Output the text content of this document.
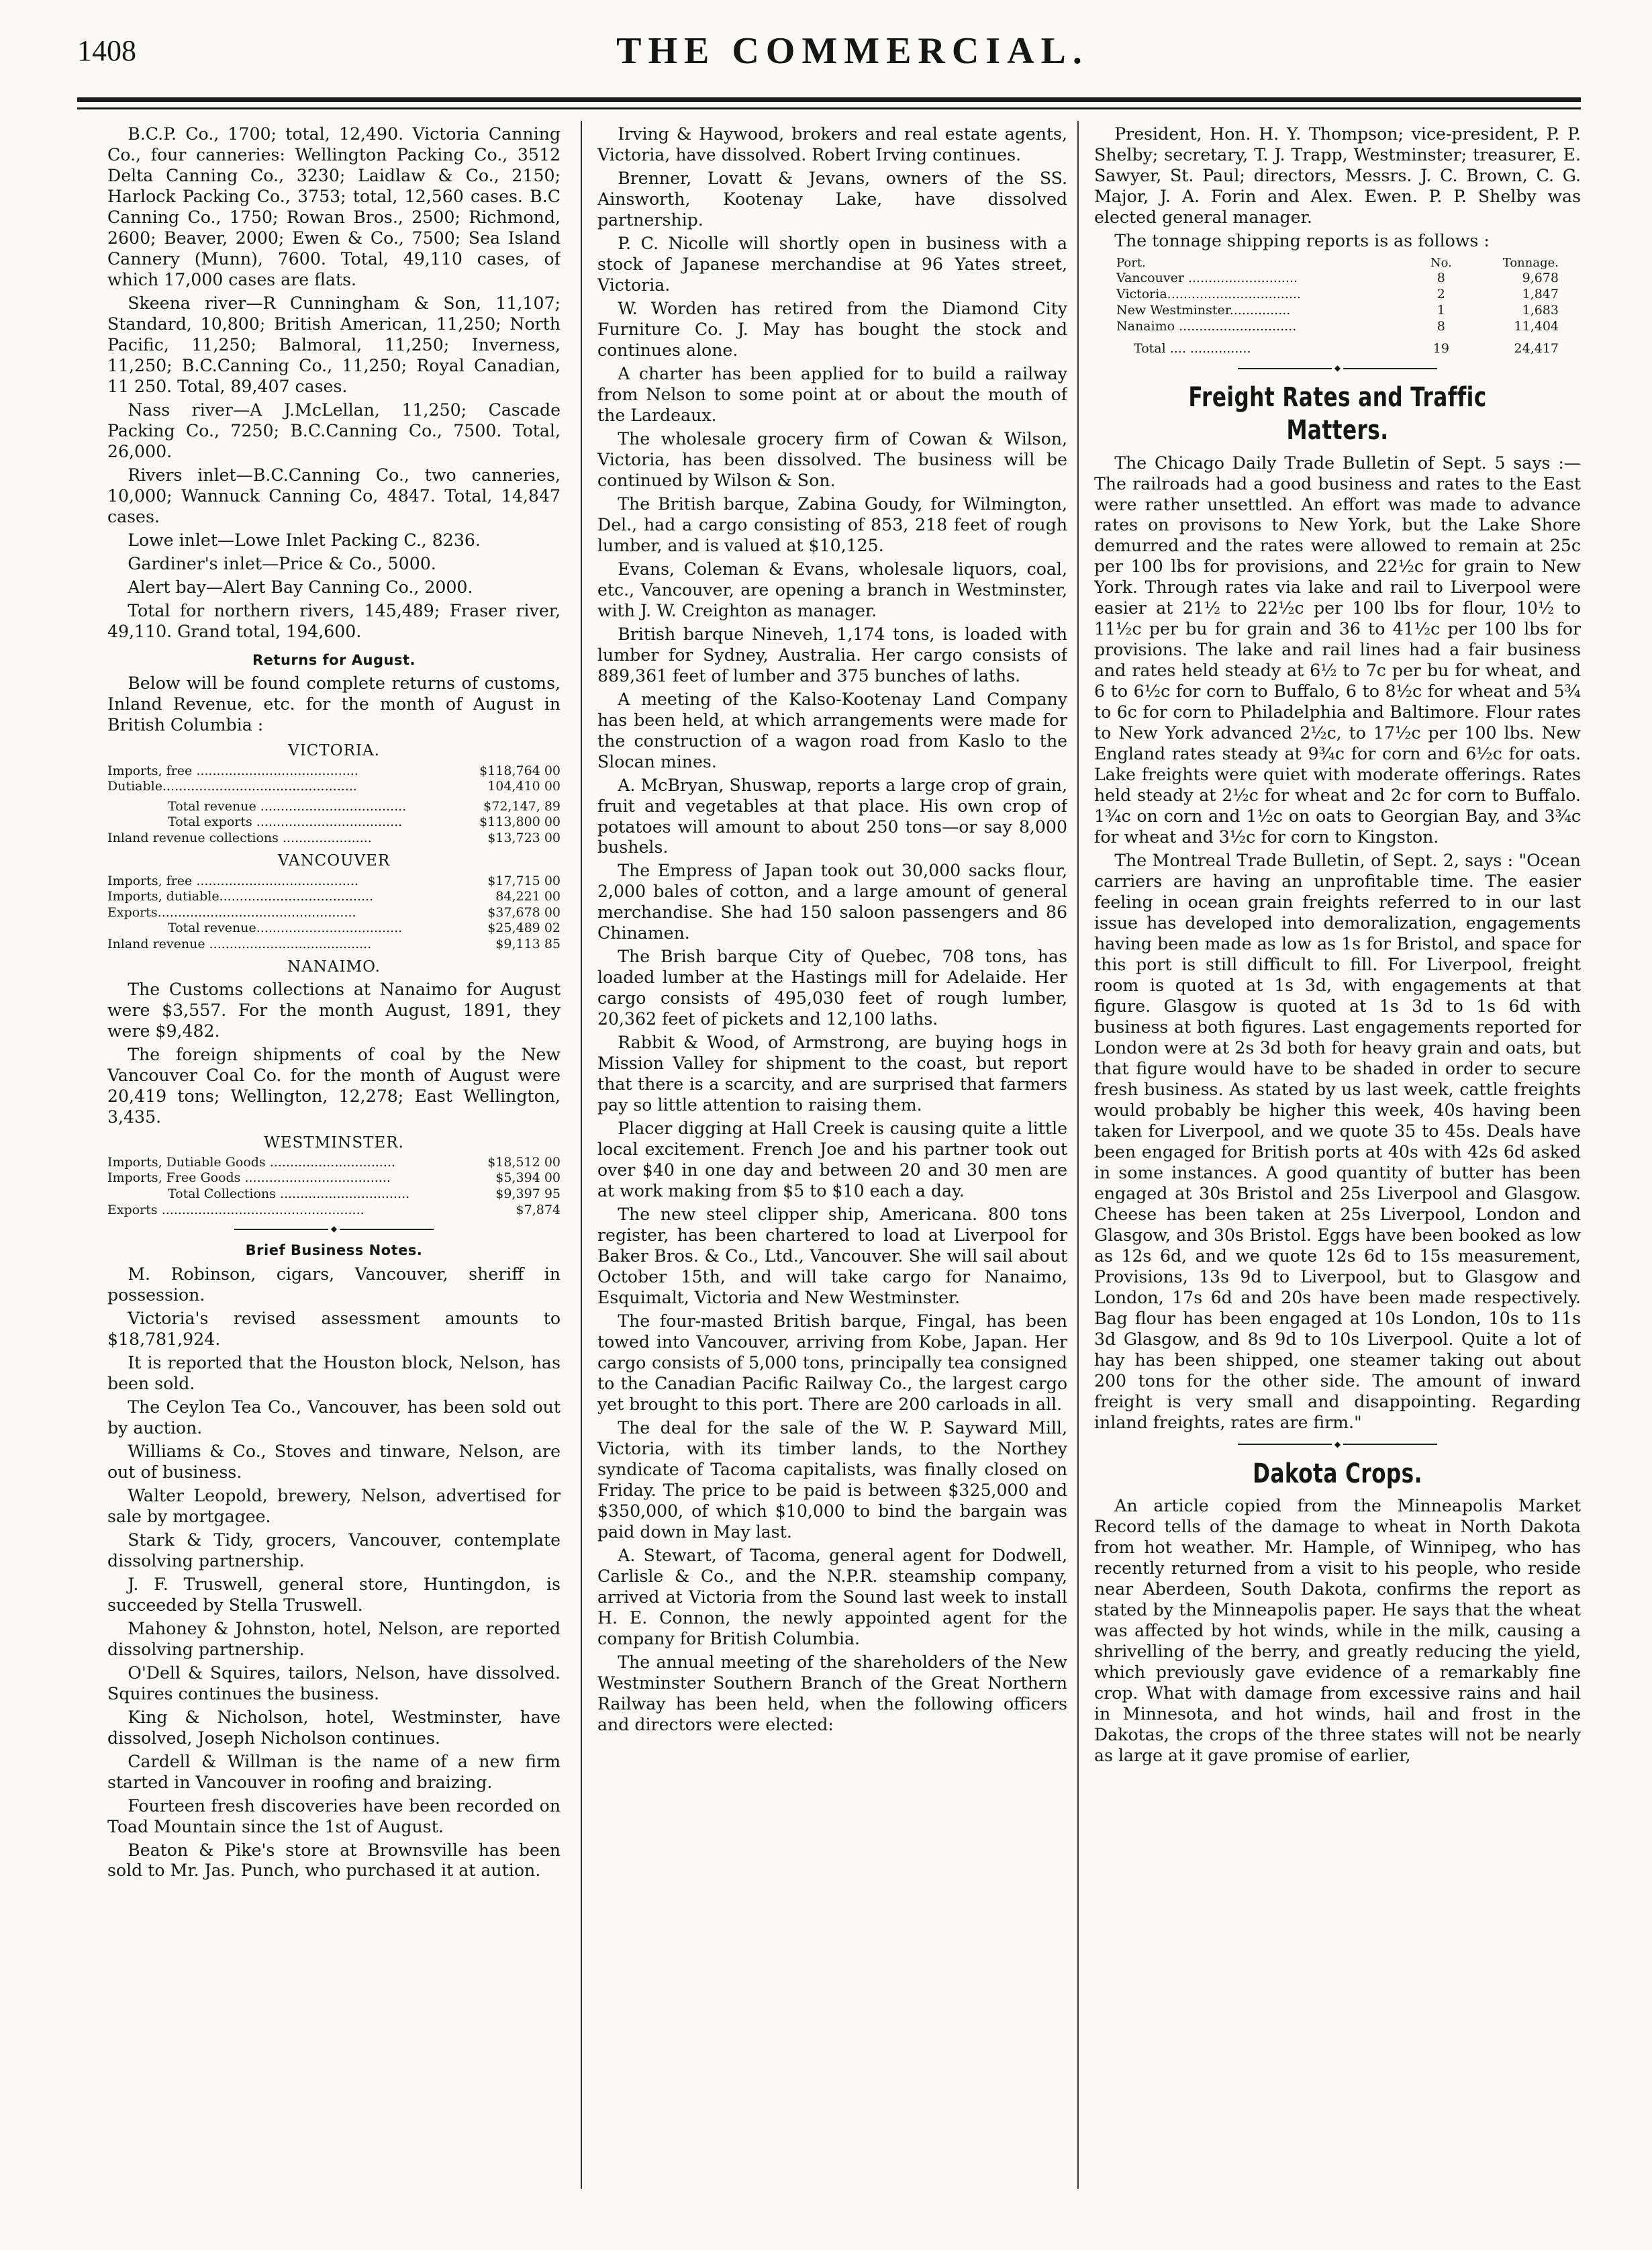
1408	THE COMMERCIAL.

B.C.P. Co., 1700; total, 12,490. Victoria Canning Co., four canneries: Wellington Packing Co., 3512 Delta Canning Co., 3230; Laidlaw & Co., 2150; Harlock Packing Co., 3753; total, 12,560 cases. B.C Canning Co., 1750; Rowan Bros., 2500; Richmond, 2600; Beaver, 2000; Ewen & Co., 7500; Sea Island Cannery (Munn), 7600. Total, 49,110 cases, of which 17,000 cases are flats.

Skeena river—R Cunningham & Son, 11,107; Standard, 10,800; British American, 11,250; North Pacific, 11,250; Balmoral, 11,250; Inverness, 11,250; B.C.Canning Co., 11,250; Royal Canadian, 11 250. Total, 89,407 cases.

Nass river—A J.McLellan, 11,250; Cascade Packing Co., 7250; B.C.Canning Co., 7500. Total, 26,000.

Rivers inlet—B.C.Canning Co., two canneries, 10,000; Wannuck Canning Co, 4847. Total, 14,847 cases.

Lowe inlet—Lowe Inlet Packing C., 8236.

Gardiner's inlet—Price & Co., 5000.

Alert bay—Alert Bay Canning Co., 2000.

Total for northern rivers, 145,489; Fraser river, 49,110. Grand total, 194,600.

Returns for August.

Below will be found complete returns of customs, Inland Revenue, etc. for the month of August in British Columbia :

VICTORIA.
Imports, free ........................................	$118,764 00
Dutiable................................................	104,410 00

Total revenue ....................................	$72,147, 89
Total exports ....................................	$113,800 00
Inland revenue collections ......................	$13,723 00
VANCOUVER
Imports, free ........................................	$17,715 00
Imports, dutiable......................................	84,221 00
Exports.................................................	$37,678 00
Total revenue....................................	$25,489 02
Inland revenue ........................................	$9,113 85
NANAIMO.

The Customs collections at Nanaimo for August were $3,557. For the month August, 1891, they were $9,482.

The foreign shipments of coal by the New Vancouver Coal Co. for the month of August were 20,419 tons; Wellington, 12,278; East Wellington, 3,435.

WESTMINSTER.
Imports, Dutiable Goods ...............................	$18,512 00
Imports, Free Goods ....................................	$5,394 00
Total Collections ................................	$9,397 95
Exports ..................................................	$7,874
◆
Brief Business Notes.

M. Robinson, cigars, Vancouver, sheriff in possession.

Victoria's revised assessment amounts to $18,781,924.

It is reported that the Houston block, Nelson, has been sold.

The Ceylon Tea Co., Vancouver, has been sold out by auction.

Williams & Co., Stoves and tinware, Nelson, are out of business.

Walter Leopold, brewery, Nelson, advertised for sale by mortgagee.

Stark & Tidy, grocers, Vancouver, contemplate dissolving partnership.

J. F. Truswell, general store, Huntingdon, is succeeded by Stella Truswell.

Mahoney & Johnston, hotel, Nelson, are reported dissolving partnership.

O'Dell & Squires, tailors, Nelson, have dissolved. Squires continues the business.

King & Nicholson, hotel, Westminster, have dissolved, Joseph Nicholson continues.

Cardell & Willman is the name of a new firm started in Vancouver in roofing and braizing.

Fourteen fresh discoveries have been recorded on Toad Mountain since the 1st of August.

Beaton & Pike's store at Brownsville has been sold to Mr. Jas. Punch, who purchased it at aution.

Irving & Haywood, brokers and real estate agents, Victoria, have dissolved. Robert Irving continues.

Brenner, Lovatt & Jevans, owners of the SS. Ainsworth, Kootenay Lake, have dissolved partnership.

P. C. Nicolle will shortly open in business with a stock of Japanese merchandise at 96 Yates street, Victoria.

W. Worden has retired from the Diamond City Furniture Co. J. May has bought the stock and continues alone.

A charter has been applied for to build a railway from Nelson to some point at or about the mouth of the Lardeaux.

The wholesale grocery firm of Cowan & Wilson, Victoria, has been dissolved. The business will be continued by Wilson & Son.

The British barque, Zabina Goudy, for Wilmington, Del., had a cargo consisting of 853, 218 feet of rough lumber, and is valued at $10,125.

Evans, Coleman & Evans, wholesale liquors, coal, etc., Vancouver, are opening a branch in Westminster, with J. W. Creighton as manager.

British barque Nineveh, 1,174 tons, is loaded with lumber for Sydney, Australia. Her cargo consists of 889,361 feet of lumber and 375 bunches of laths.

A meeting of the Kalso-Kootenay Land Company has been held, at which arrangements were made for the construction of a wagon road from Kaslo to the Slocan mines.

A. McBryan, Shuswap, reports a large crop of grain, fruit and vegetables at that place. His own crop of potatoes will amount to about 250 tons—or say 8,000 bushels.

The Empress of Japan took out 30,000 sacks flour, 2,000 bales of cotton, and a large amount of general merchandise. She had 150 saloon passengers and 86 Chinamen.

The Brish barque City of Quebec, 708 tons, has loaded lumber at the Hastings mill for Adelaide. Her cargo consists of 495,030 feet of rough lumber, 20,362 feet of pickets and 12,100 laths.

Rabbit & Wood, of Armstrong, are buying hogs in Mission Valley for shipment to the coast, but report that there is a scarcity, and are surprised that farmers pay so little attention to raising them.

Placer digging at Hall Creek is causing quite a little local excitement. French Joe and his partner took out over $40 in one day and between 20 and 30 men are at work making from $5 to $10 each a day.

The new steel clipper ship, Americana. 800 tons register, has been chartered to load at Liverpool for Baker Bros. & Co., Ltd., Vancouver. She will sail about October 15th, and will take cargo for Nanaimo, Esquimalt, Victoria and New Westminster.

The four-masted British barque, Fingal, has been towed into Vancouver, arriving from Kobe, Japan. Her cargo consists of 5,000 tons, principally tea consigned to the Canadian Pacific Railway Co., the largest cargo yet brought to this port. There are 200 carloads in all.

The deal for the sale of the W. P. Sayward Mill, Victoria, with its timber lands, to the Northey syndicate of Tacoma capitalists, was finally closed on Friday. The price to be paid is between $325,000 and $350,000, of which $10,000 to bind the bargain was paid down in May last.

A. Stewart, of Tacoma, general agent for Dodwell, Carlisle & Co., and the N.P.R. steamship company, arrived at Victoria from the Sound last week to install H. E. Connon, the newly appointed agent for the company for British Columbia.

The annual meeting of the shareholders of the New Westminster Southern Branch of the Great Northern Railway has been held, when the following officers and directors were elected:

President, Hon. H. Y. Thompson; vice-president, P. P. Shelby; secretary, T. J. Trapp, Westminster; treasurer, E. Sawyer, St. Paul; directors, Messrs. J. C. Brown, C. G. Major, J. A. Forin and Alex. Ewen. P. P. Shelby was elected general manager.

The tonnage shipping reports is as follows :

Port.	No.	Tonnage.
Vancouver ...........................	8	9,678
Victoria.................................	2	1,847
New Westminster...............	1	1,683
Nanaimo .............................	8	11,404
Total .... ...............	19	24,417
◆
Freight Rates and Traffic Matters.

The Chicago Daily Trade Bulletin of Sept. 5 says :—The railroads had a good business and rates to the East were rather unsettled. An effort was made to advance rates on provisons to New York, but the Lake Shore demurred and the rates were allowed to remain at 25c per 100 lbs for provisions, and 22½c for grain to New York. Through rates via lake and rail to Liverpool were easier at 21½ to 22½c per 100 lbs for flour, 10½ to 11½c per bu for grain and 36 to 41½c per 100 lbs for provisions. The lake and rail lines had a fair business and rates held steady at 6½ to 7c per bu for wheat, and 6 to 6½c for corn to Buffalo, 6 to 8½c for wheat and 5¾ to 6c for corn to Philadelphia and Baltimore. Flour rates to New York advanced 2½c, to 17½c per 100 lbs. New England rates steady at 9¾c for corn and 6½c for oats. Lake freights were quiet with moderate offerings. Rates held steady at 2½c for wheat and 2c for corn to Buffalo. 1¾c on corn and 1½c on oats to Georgian Bay, and 3¾c for wheat and 3½c for corn to Kingston.

The Montreal Trade Bulletin, of Sept. 2, says : "Ocean carriers are having an unprofitable time. The easier feeling in ocean grain freights referred to in our last issue has developed into demoralization, engagements having been made as low as 1s for Bristol, and space for this port is still difficult to fill. For Liverpool, freight room is quoted at 1s 3d, with engagements at that figure. Glasgow is quoted at 1s 3d to 1s 6d with business at both figures. Last engagements reported for London were at 2s 3d both for heavy grain and oats, but that figure would have to be shaded in order to secure fresh business. As stated by us last week, cattle freights would probably be higher this week, 40s having been taken for Liverpool, and we quote 35 to 45s. Deals have been engaged for British ports at 40s with 42s 6d asked in some instances. A good quantity of butter has been engaged at 30s Bristol and 25s Liverpool and Glasgow. Cheese has been taken at 25s Liverpool, London and Glasgow, and 30s Bristol. Eggs have been booked as low as 12s 6d, and we quote 12s 6d to 15s measurement, Provisions, 13s 9d to Liverpool, but to Glasgow and London, 17s 6d and 20s have been made respectively. Bag flour has been engaged at 10s London, 10s to 11s 3d Glasgow, and 8s 9d to 10s Liverpool. Quite a lot of hay has been shipped, one steamer taking out about 200 tons for the other side. The amount of inward freight is very small and disappointing. Regarding inland freights, rates are firm."

◆
Dakota Crops.

An article copied from the Minneapolis Market Record tells of the damage to wheat in North Dakota from hot weather. Mr. Hample, of Winnipeg, who has recently returned from a visit to his people, who reside near Aberdeen, South Dakota, confirms the report as stated by the Minneapolis paper. He says that the wheat was affected by hot winds, while in the milk, causing a shrivelling of the berry, and greatly reducing the yield, which previously gave evidence of a remarkably fine crop. What with damage from excessive rains and hail in Minnesota, and hot winds, hail and frost in the Dakotas, the crops of the three states will not be nearly as large at it gave promise of earlier,
